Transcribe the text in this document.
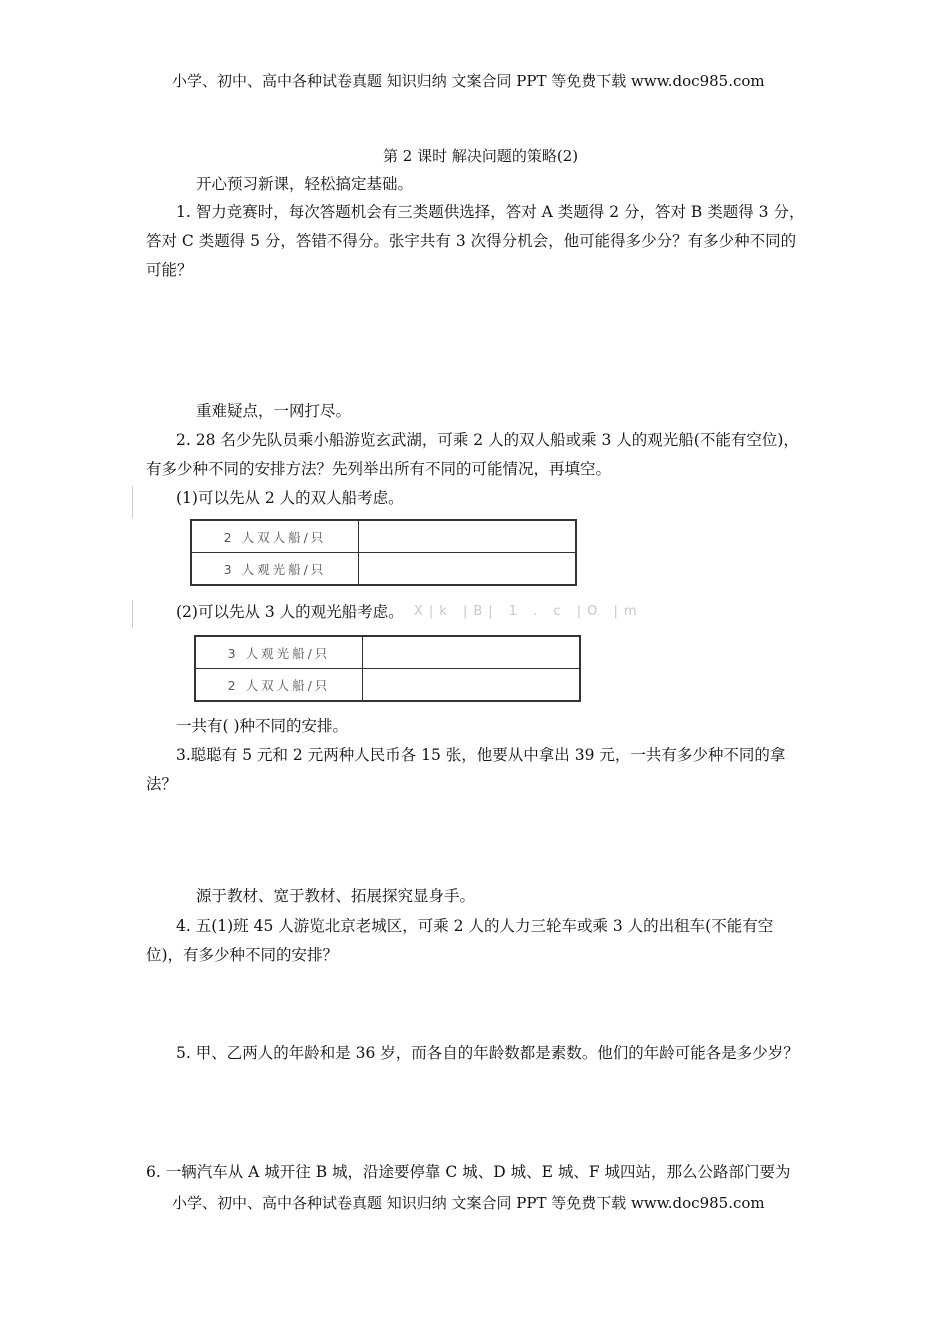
小学、初中、高中各种试卷真题 知识归纳 文案合同 PPT 等免费下载 www.doc985.com
第 2 课时 解决问题的策略(2)
开心预习新课，轻松搞定基础。
1. 智力竞赛时，每次答题机会有三类题供选择，答对 A 类题得 2 分，答对 B 类题得 3 分，答对 C 类题得 5 分，答错不得分。张宇共有 3 次得分机会，他可能得多少分？有多少种不同的可能？
重难疑点，一网打尽。
2. 28 名少先队员乘小船游览玄武湖，可乘 2 人的双人船或乘 3 人的观光船(不能有空位)，有多少种不同的安排方法？先列举出所有不同的可能情况，再填空。
(1)可以先从 2 人的双人船考虑。
2 人双人船/只	
3 人观光船/只	
(2)可以先从 3 人的观光船考虑。 X|k |B| 1 . c |O |m
3 人观光船/只	
2 人双人船/只	
一共有( )种不同的安排。
3.聪聪有 5 元和 2 元两种人民币各 15 张，他要从中拿出 39 元，一共有多少种不同的拿法？
源于教材、宽于教材、拓展探究显身手。
4. 五(1)班 45 人游览北京老城区，可乘 2 人的人力三轮车或乘 3 人的出租车(不能有空位)，有多少种不同的安排？
5. 甲、乙两人的年龄和是 36 岁，而各自的年龄数都是素数。他们的年龄可能各是多少岁？
6. 一辆汽车从 A 城开往 B 城，沿途要停靠 C 城、D 城、E 城、F 城四站，那么公路部门要为
小学、初中、高中各种试卷真题 知识归纳 文案合同 PPT 等免费下载 www.doc985.com
